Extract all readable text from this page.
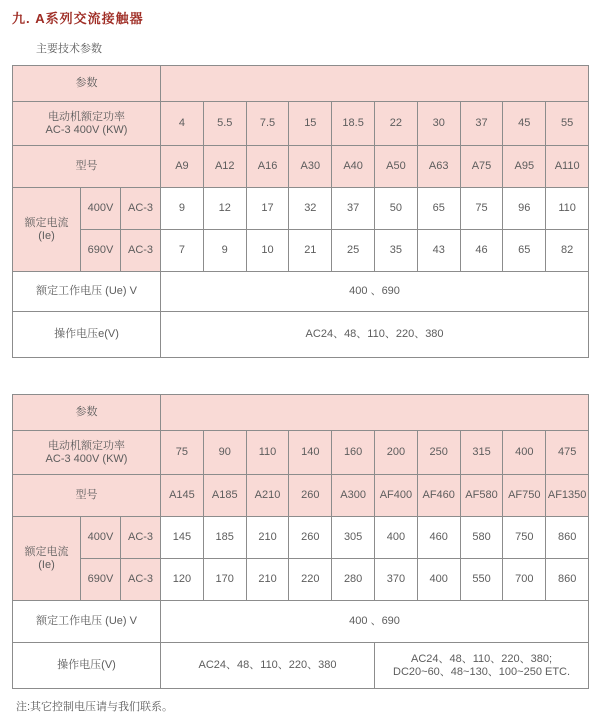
九. A系列交流接触器
主要技术参数
参数												
电动机额定功率
AC-3 400V (KW)			4	5.5	7.5	15	18.5	22	30	37	45	55
型号			A9	A12	A16	A30	A40	A50	A63	A75	A95	A110
额定电流
(Ie)	400V	AC-3	9	12	17	32	37	50	65	75	96	110
	690V	AC-3	7	9	10	21	25	35	43	46	65	82
额定工作电压 (Ue) V			400 、690									
操作电压e(V)			AC24、48、110、220、380									
参数												
电动机额定功率
AC-3 400V (KW)			75	90	110	140	160	200	250	315	400	475
型号			A145	A185	A210	260	A300	AF400	AF460	AF580	AF750	AF1350
额定电流
(Ie)	400V	AC-3	145	185	210	260	305	400	460	580	750	860
	690V	AC-3	120	170	210	220	280	370	400	550	700	860
额定工作电压 (Ue) V			400 、690									
操作电压(V)			AC24、48、110、220、380					AC24、48、110、220、380;
DC20~60、48~130、100~250 ETC.				
注:其它控制电压请与我们联系。
